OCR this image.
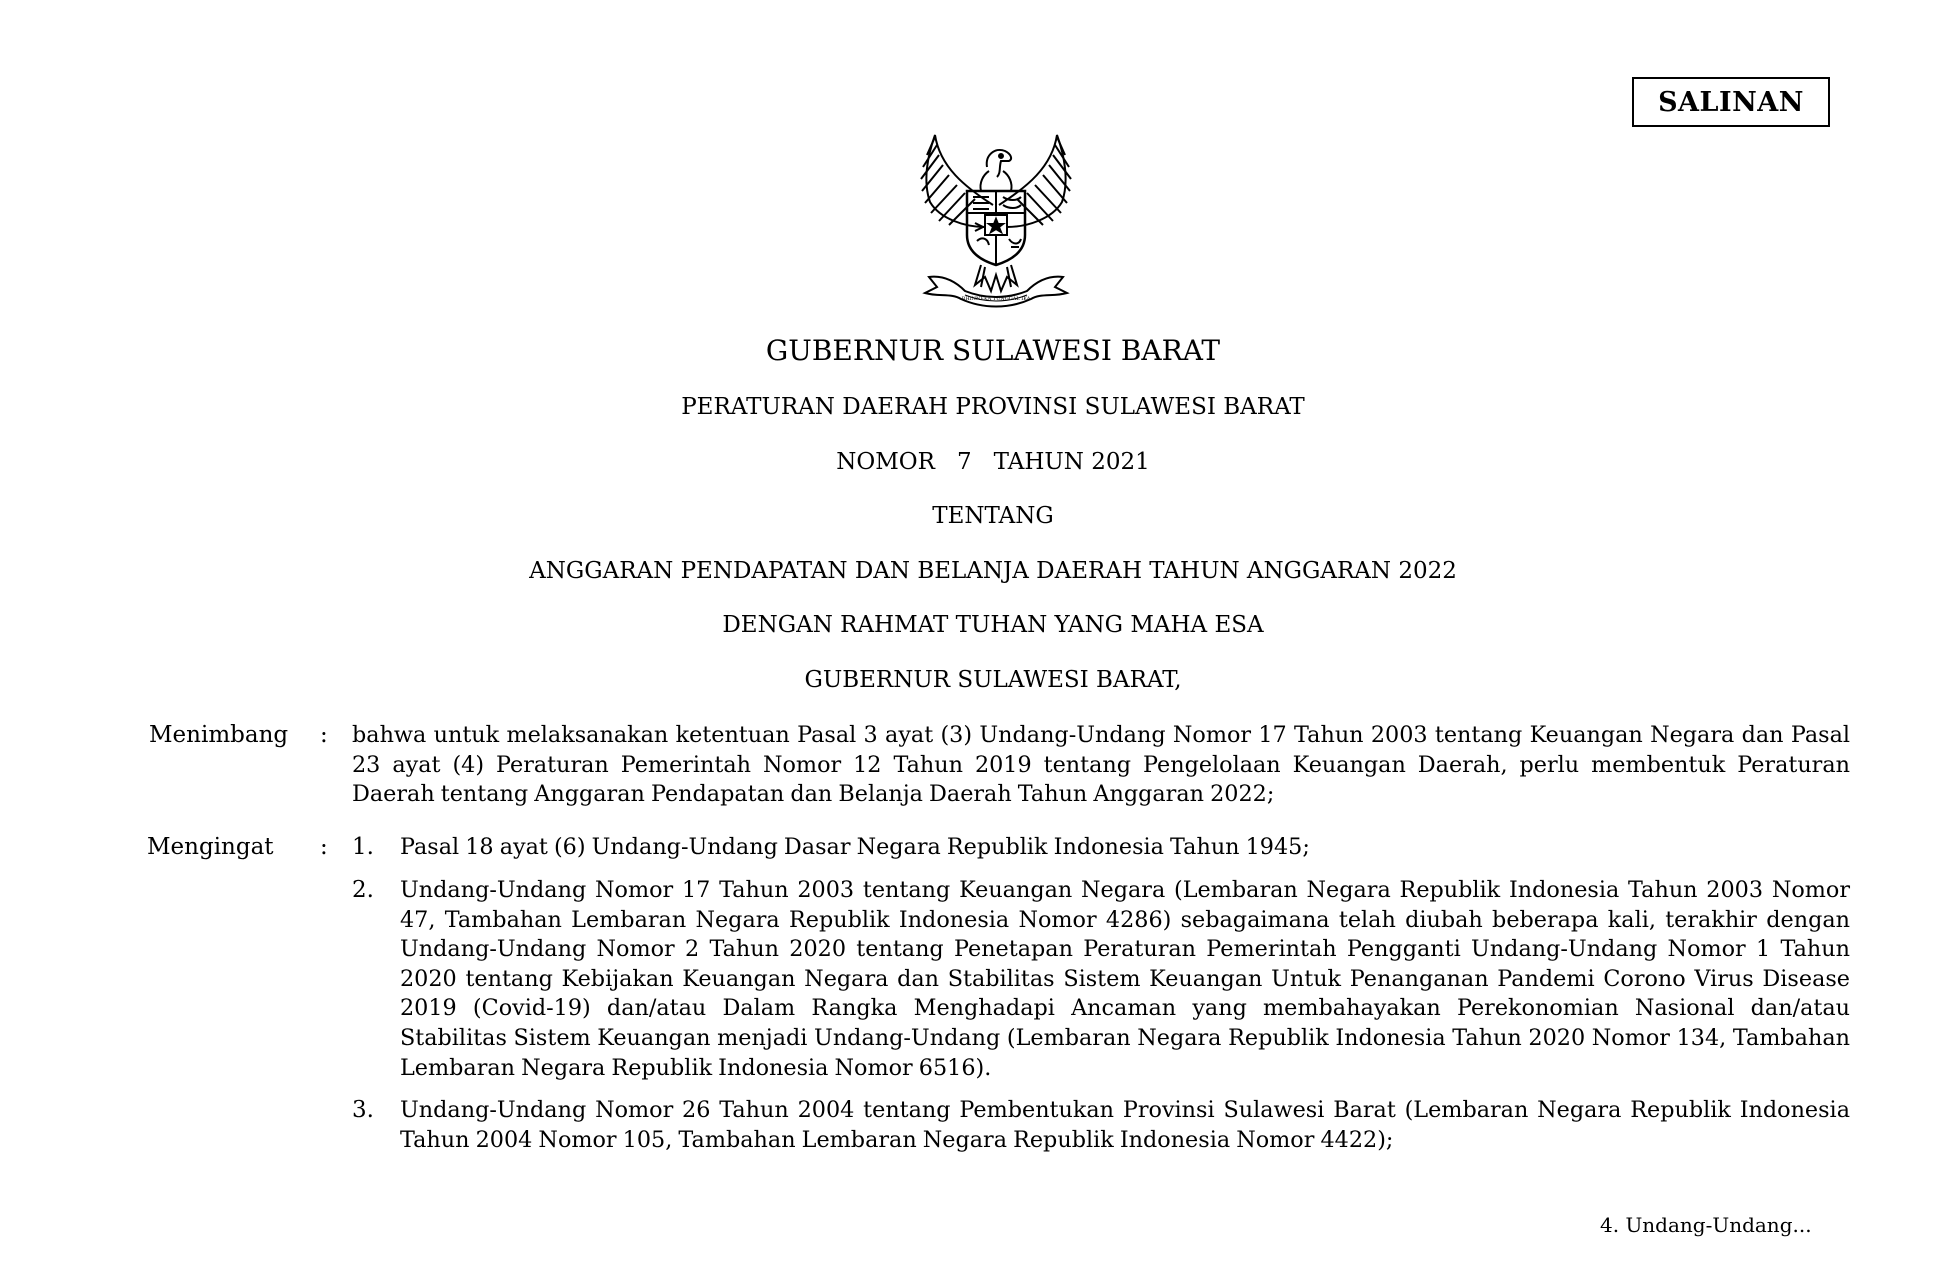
SALINAN
BHINNEKA TUNGGAL IKA
GUBERNUR SULAWESI BARAT
PERATURAN DAERAH PROVINSI SULAWESI BARAT
NOMOR 7 TAHUN 2021
TENTANG
ANGGARAN PENDAPATAN DAN BELANJA DAERAH TAHUN ANGGARAN 2022
DENGAN RAHMAT TUHAN YANG MAHA ESA
GUBERNUR SULAWESI BARAT,
Menimbang : bahwa untuk melaksanakan ketentuan Pasal 3 ayat (3) Undang-Undang Nomor 17 Tahun 2003 tentang Keuangan Negara dan Pasal 23 ayat (4) Peraturan Pemerintah Nomor 12 Tahun 2019 tentang Pengelolaan Keuangan Daerah, perlu membentuk Peraturan Daerah tentang Anggaran Pendapatan dan Belanja Daerah Tahun Anggaran 2022;
Mengingat : 1. Pasal 18 ayat (6) Undang-Undang Dasar Negara Republik Indonesia Tahun 1945;
2. Undang-Undang Nomor 17 Tahun 2003 tentang Keuangan Negara (Lembaran Negara Republik Indonesia Tahun 2003 Nomor 47, Tambahan Lembaran Negara Republik Indonesia Nomor 4286) sebagaimana telah diubah beberapa kali, terakhir dengan Undang-Undang Nomor 2 Tahun 2020 tentang Penetapan Peraturan Pemerintah Pengganti Undang-Undang Nomor 1 Tahun 2020 tentang Kebijakan Keuangan Negara dan Stabilitas Sistem Keuangan Untuk Penanganan Pandemi Corono Virus Disease 2019 (Covid-19) dan/atau Dalam Rangka Menghadapi Ancaman yang membahayakan Perekonomian Nasional dan/atau Stabilitas Sistem Keuangan menjadi Undang-Undang (Lembaran Negara Republik Indonesia Tahun 2020 Nomor 134, Tambahan Lembaran Negara Republik Indonesia Nomor 6516).
3. Undang-Undang Nomor 26 Tahun 2004 tentang Pembentukan Provinsi Sulawesi Barat (Lembaran Negara Republik Indonesia Tahun 2004 Nomor 105, Tambahan Lembaran Negara Republik Indonesia Nomor 4422);
4. Undang-Undang...
